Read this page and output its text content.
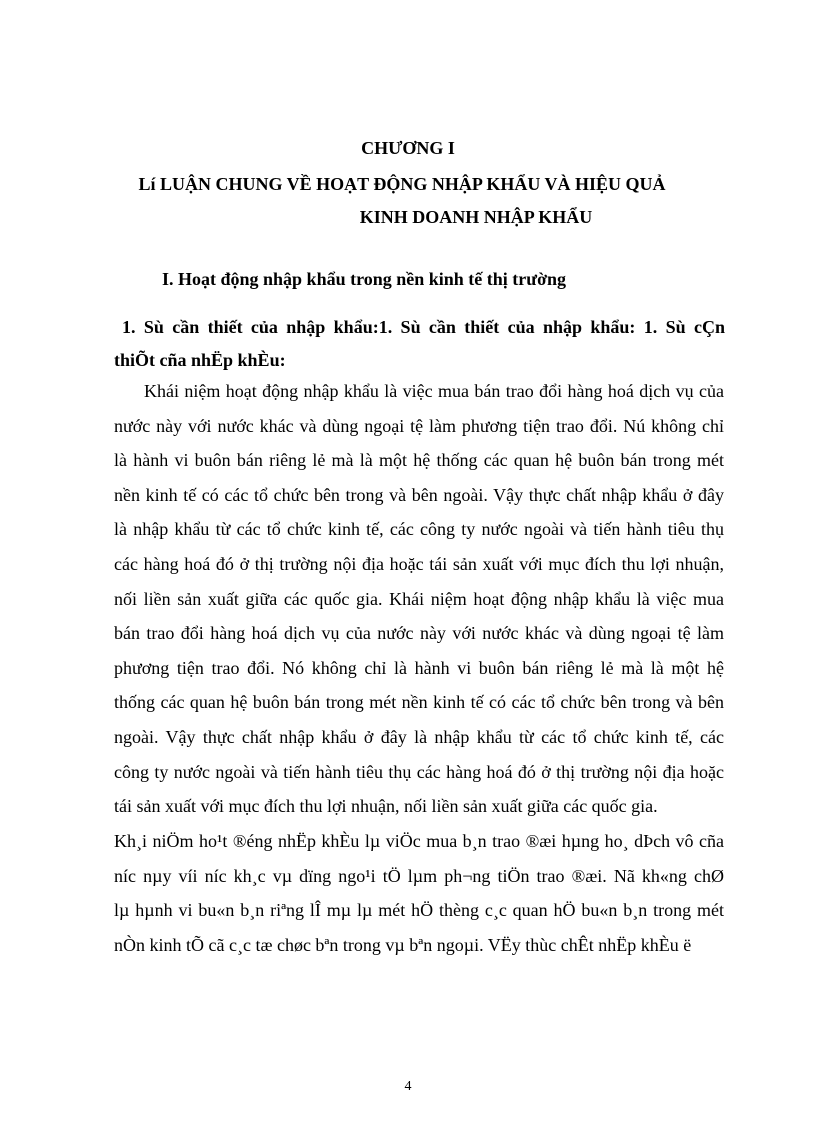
CHƯƠNG I
Lí LUẬN CHUNG VỀ HOẠT ĐỘNG NHẬP KHẨU VÀ HIỆU QUẢ
KINH DOANH NHẬP KHẨU
I. Hoạt động nhập khẩu trong nền kinh tế thị trường
1. Sù cần thiết của nhập khẩu:1. Sù cần thiết của nhập khẩu: 1. Sù cÇn
thiÕt cña nhËp khÈu:
Khái niệm hoạt động nhập khẩu là việc mua bán trao đổi hàng hoá dịch vụ của
nước này với nước khác và dùng ngoại tệ làm phương tiện trao đổi. Nú không chỉ
là hành vi buôn bán riêng lẻ mà là một hệ thống các quan hệ buôn bán trong mét
nền kinh tế có các tổ chức bên trong và bên ngoài. Vậy thực chất nhập khẩu ở đây
là nhập khẩu từ các tổ chức kinh tế, các công ty nước ngoài và tiến hành tiêu thụ
các hàng hoá đó ở thị trường nội địa hoặc tái sản xuất với mục đích thu lợi nhuận,
nối liền sản xuất giữa các quốc gia. Khái niệm hoạt động nhập khẩu là việc mua
bán trao đổi hàng hoá dịch vụ của nước này với nước khác và dùng ngoại tệ làm
phương tiện trao đổi. Nó không chỉ là hành vi buôn bán riêng lẻ mà là một hệ
thống các quan hệ buôn bán trong mét nền kinh tế có các tổ chức bên trong và bên
ngoài. Vậy thực chất nhập khẩu ở đây là nhập khẩu từ các tổ chức kinh tế, các
công ty nước ngoài và tiến hành tiêu thụ các hàng hoá đó ở thị trường nội địa hoặc
tái sản xuất với mục đích thu lợi nhuận, nối liền sản xuất giữa các quốc gia.
Kh¸i niÖm ho¹t ®éng nhËp khÈu lµ viÖc mua b¸n trao ®æi hµng ho¸ dÞch vô cña
níc nµy víi níc kh¸c vµ dïng ngo¹i tÖ lµm ph¬ng tiÖn trao ®æi. Nã kh«ng chØ
lµ hµnh vi bu«n b¸n riªng lÎ mµ lµ mét hÖ thèng c¸c quan hÖ bu«n b¸n trong mét
nÒn kinh tÕ cã c¸c tæ chøc bªn trong vµ bªn ngoµi. VËy thùc chÊt nhËp khÈu ë
4
